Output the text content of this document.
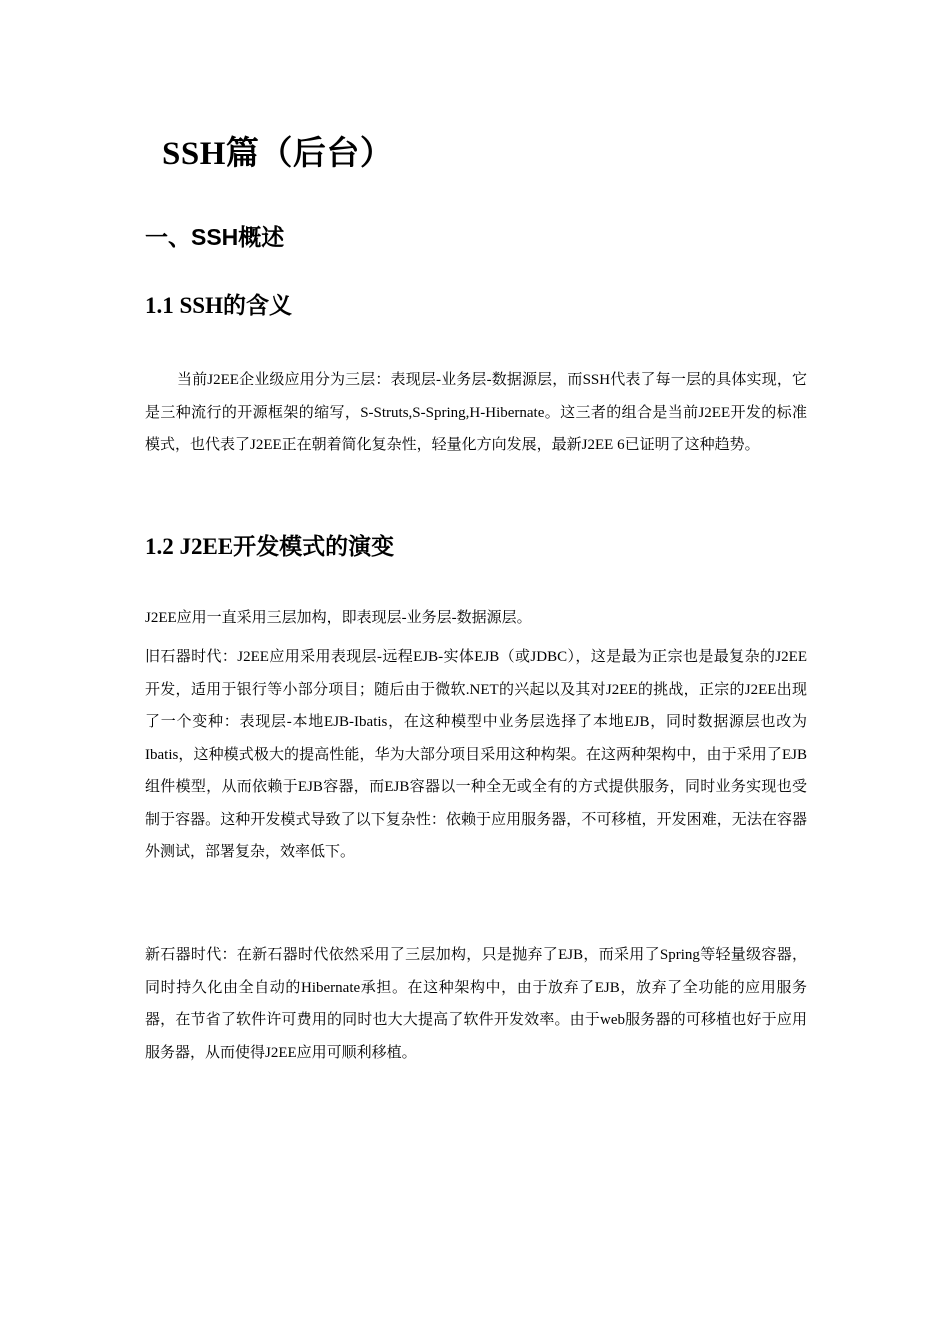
SSH篇（后台）
一、SSH概述
1.1 SSH的含义

当前J2EE企业级应用分为三层：表现层-业务层-数据源层，而SSH代表了每一层的具体实现，它是三种流行的开源框架的缩写，S-Struts,S-Spring,H-Hibernate。这三者的组合是当前J2EE开发的标准模式，也代表了J2EE正在朝着简化复杂性，轻量化方向发展，最新J2EE 6已证明了这种趋势。

1.2 J2EE开发模式的演变

J2EE应用一直采用三层加构，即表现层-业务层-数据源层。

旧石器时代：J2EE应用采用表现层-远程EJB-实体EJB（或JDBC），这是最为正宗也是最复杂的J2EE开发，适用于银行等小部分项目；随后由于微软.NET的兴起以及其对J2EE的挑战，正宗的J2EE出现了一个变种：表现层-本地EJB-Ibatis，在这种模型中业务层选择了本地EJB，同时数据源层也改为Ibatis，这种模式极大的提高性能，华为大部分项目采用这种构架。在这两种架构中，由于采用了EJB组件模型，从而依赖于EJB容器，而EJB容器以一种全无或全有的方式提供服务，同时业务实现也受制于容器。这种开发模式导致了以下复杂性：依赖于应用服务器，不可移植，开发困难，无法在容器外测试，部署复杂，效率低下。

新石器时代：在新石器时代依然采用了三层加构，只是抛弃了EJB，而采用了Spring等轻量级容器，同时持久化由全自动的Hibernate承担。在这种架构中，由于放弃了EJB，放弃了全功能的应用服务器，在节省了软件许可费用的同时也大大提高了软件开发效率。由于web服务器的可移植也好于应用服务器，从而使得J2EE应用可顺利移植。
